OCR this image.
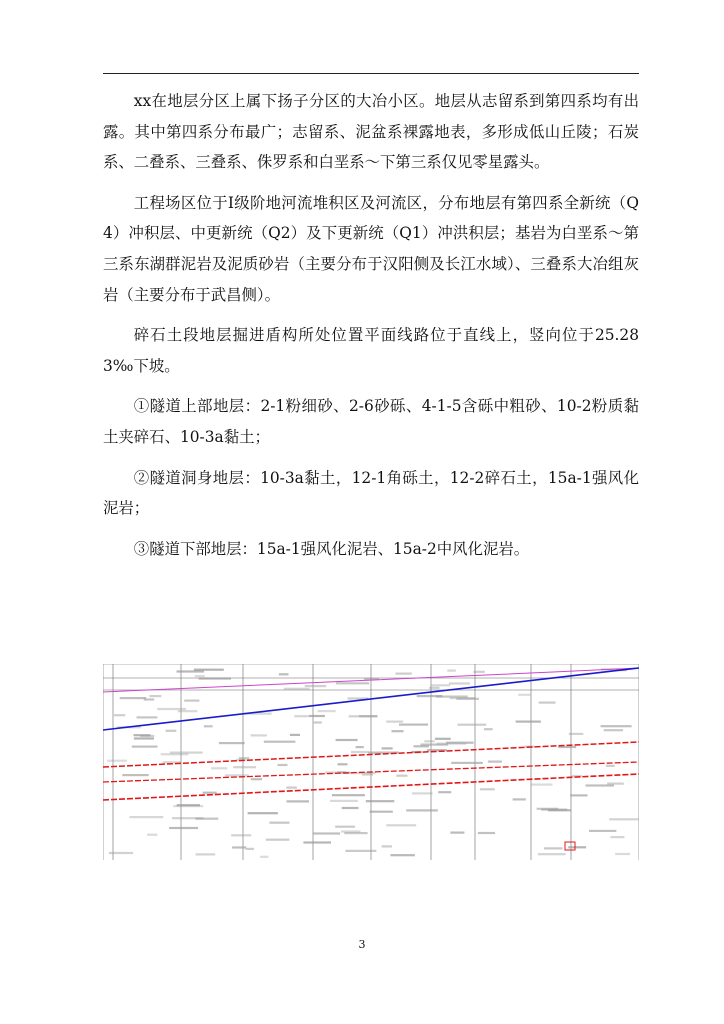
xx在地层分区上属下扬子分区的大冶小区。地层从志留系到第四系均有出露。其中第四系分布最广；志留系、泥盆系裸露地表，多形成低山丘陵；石炭系、二叠系、三叠系、侏罗系和白垩系～下第三系仅见零星露头。

工程场区位于Ⅰ级阶地河流堆积区及河流区，分布地层有第四系全新统（Q4）冲积层、中更新统（Q2）及下更新统（Q1）冲洪积层；基岩为白垩系～第三系东湖群泥岩及泥质砂岩（主要分布于汉阳侧及长江水域）、三叠系大冶组灰岩（主要分布于武昌侧）。

碎石土段地层掘进盾构所处位置平面线路位于直线上，竖向位于25.283‰下坡。

①隧道上部地层：2-1粉细砂、2-6砂砾、4-1-5含砾中粗砂、10-2粉质黏土夹碎石、10-3a黏土；

②隧道洞身地层：10-3a黏土，12-1角砾土，12-2碎石土，15a-1强风化泥岩；

③隧道下部地层：15a-1强风化泥岩、15a-2中风化泥岩。

3
